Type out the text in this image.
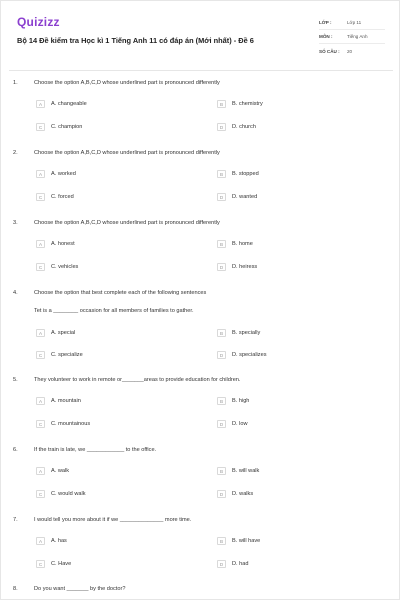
Quizizz
Bộ 14 Đề kiểm tra Học kì 1 Tiếng Anh 11 có đáp án (Mới nhất) - Đề 6
LỚP :	Lớp 11
MÔN :	Tiếng Anh
SỐ CÂU :	20
1.	Choose the option A,B,C,D whose underlined part is pronounced differently
A	A. changeable	B	B. chemistry
C	C. champion	D	D. church
2.	Choose the option A,B,C,D whose underlined part is pronounced differently
A	A. worked	B	B. stopped
C	C. forced	D	D. wanted
3.	Choose the option A,B,C,D whose underlined part is pronounced differently
A	A. honest	B	B. home
C	C. vehicles	D	D. heiress
4.	Choose the option that best complete each of the following sentences
Tet is a ________ occasion for all members of families to gather.
A	A. special	B	B. specially
C	C. specialize	D	D. specializes
5.	They volunteer to work in remote or_______areas to provide education for children.
A	A. mountain	B	B. high
C	C. mountainous	D	D. low
6.	If the train is late, we ____________ to the office.
A	A. walk	B	B. will walk
C	C. would walk	D	D. walks
7.	I would tell you more about it if we ______________ more time.
A	A. has	B	B. will have
C	C. Have	D	D. had
8.	Do you want _______ by the doctor?
